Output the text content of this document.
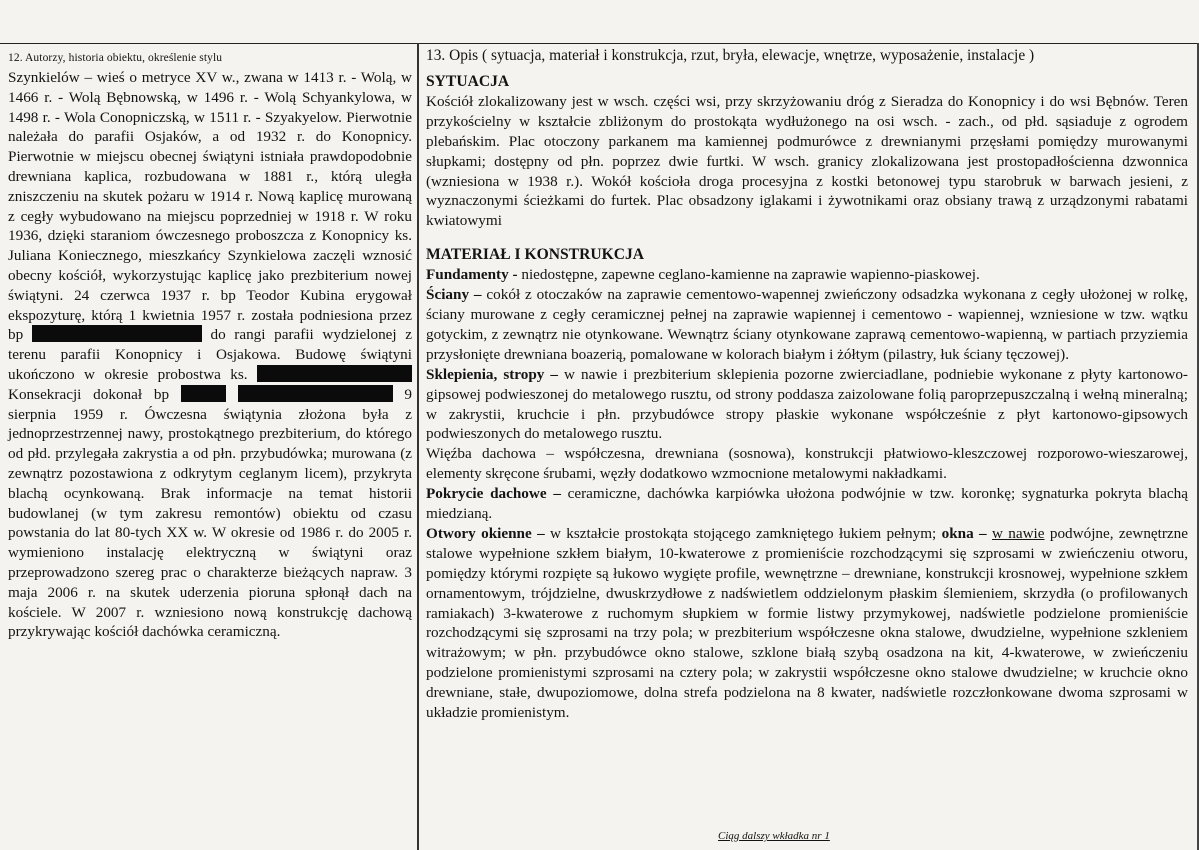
12. Autorzy, historia obiektu, określenie stylu

Szynkielów – wieś o metryce XV w., zwana w 1413 r. - Wolą, w 1466 r. - Wolą Bębnowską, w 1496 r. - Wolą Schyankylowa, w 1498 r. - Wola Conopniczską, w 1511 r. - Szyakyelow. Pierwotnie należała do parafii Osjaków, a od 1932 r. do Konopnicy. Pierwotnie w miejscu obecnej świątyni istniała prawdopodobnie drewniana kaplica, rozbudowana w 1881 r., którą uległa zniszczeniu na skutek pożaru w 1914 r. Nową kaplicę murowaną z cegły wybudowano na miejscu poprzedniej w 1918 r. W roku 1936, dzięki staraniom ówczesnego proboszcza z Konopnicy ks. Juliana Koniecznego, mieszkańcy Szynkielowa zaczęli wznosić obecny kościół, wykorzystując kaplicę jako prezbiterium nowej świątyni. 24 czerwca 1937 r. bp Teodor Kubina erygował ekspozyturę, którą 1 kwietnia 1957 r. została podniesiona przez bp	do rangi parafii wydzielonej z terenu parafii Konopnicy i Osjakowa. Budowę świątyni ukończono w okresie probostwa ks.  Konsekracji dokonał bp	9 sierpnia 1959 r. Ówczesna świątynia złożona była z jednoprzestrzennej nawy, prostokątnego prezbiterium, do którego od płd. przylegała zakrystia a od płn. przybudówka; murowana (z zewnątrz pozostawiona z odkrytym ceglanym licem), przykryta blachą ocynkowaną. Brak informacje na temat historii budowlanej (w tym zakresu remontów) obiektu od czasu powstania do lat 80-tych XX w. W okresie od 1986 r. do 2005 r. wymieniono instalację elektryczną w świątyni oraz przeprowadzono szereg prac o charakterze bieżących napraw. 3 maja 2006 r. na skutek uderzenia pioruna spłonął dach na kościele. W 2007 r. wzniesiono nową konstrukcję dachową przykrywając kościół dachówka ceramiczną.

13. Opis ( sytuacja, materiał i konstrukcja, rzut, bryła, elewacje, wnętrze, wyposażenie, instalacje )

SYTUACJA

Kościół zlokalizowany jest w wsch. części wsi, przy skrzyżowaniu dróg z Sieradza do Konopnicy i do wsi Bębnów. Teren przykościelny w kształcie zbliżonym do prostokąta wydłużonego na osi wsch. - zach., od płd. sąsiaduje z ogrodem plebańskim. Plac otoczony parkanem ma kamiennej podmurówce z drewnianymi przęsłami pomiędzy murowanymi słupkami; dostępny od płn. poprzez dwie furtki. W wsch. granicy zlokalizowana jest prostopadłościenna dzwonnica (wzniesiona w 1938 r.). Wokół kościoła droga procesyjna z kostki betonowej typu starobruk w barwach jesieni, z wyznaczonymi ścieżkami do furtek. Plac obsadzony iglakami i żywotnikami oraz obsiany trawą z urządzonymi rabatami kwiatowymi

MATERIAŁ I KONSTRUKCJA

Fundamenty - niedostępne, zapewne ceglano-kamienne na zaprawie wapienno-piaskowej.

Ściany – cokół z otoczaków na zaprawie cementowo-wapennej zwieńczony odsadzka wykonana z cegły ułożonej w rolkę, ściany murowane z cegły ceramicznej pełnej na zaprawie wapiennej i cementowo - wapiennej, wzniesione w tzw. wątku gotyckim, z zewnątrz nie otynkowane. Wewnątrz ściany otynkowane zaprawą cementowo-wapienną, w partiach przyziemia przysłonięte drewniana boazerią, pomalowane w kolorach białym i żółtym (pilastry, łuk ściany tęczowej).

Sklepienia, stropy – w nawie i prezbiterium sklepienia pozorne zwierciadlane, podniebie wykonane z płyty kartonowo-gipsowej podwieszonej do metalowego rusztu, od strony poddasza zaizolowane folią paroprzepuszczalną i wełną mineralną; w zakrystii, kruchcie i płn. przybudówce stropy płaskie wykonane współcześnie z płyt kartonowo-gipsowych podwieszonych do metalowego rusztu.

Więźba dachowa – współczesna, drewniana (sosnowa), konstrukcji płatwiowo-kleszczowej rozporowo-wieszarowej, elementy skręcone śrubami, węzły dodatkowo wzmocnione metalowymi nakładkami.

Pokrycie dachowe – ceramiczne, dachówka karpiówka ułożona podwójnie w tzw. koronkę; sygnaturka pokryta blachą miedzianą.

Otwory okienne – w kształcie prostokąta stojącego zamkniętego łukiem pełnym; okna – w nawie podwójne, zewnętrzne stalowe wypełnione szkłem białym, 10-kwaterowe z promieniście rozchodzącymi się szprosami w zwieńczeniu otworu, pomiędzy którymi rozpięte są łukowo wygięte profile, wewnętrzne – drewniane, konstrukcji krosnowej, wypełnione szkłem ornamentowym, trójdzielne, dwuskrzydłowe z nadświetlem oddzielonym płaskim ślemieniem, skrzydła (o profilowanych ramiakach) 3-kwaterowe z ruchomym słupkiem w formie listwy przymykowej, nadświetle podzielone promieniście rozchodzącymi się szprosami na trzy pola; w prezbiterium współczesne okna stalowe, dwudzielne, wypełnione szkleniem witrażowym; w płn. przybudówce okno stalowe, szklone białą szybą osadzona na kit, 4-kwaterowe, w zwieńczeniu podzielone promienistymi szprosami na cztery pola; w zakrystii współczesne okno stalowe dwudzielne; w kruchcie okno drewniane, stałe, dwupoziomowe, dolna strefa podzielona na 8 kwater, nadświetle rozczłonkowane dwoma szprosami w układzie promienistym.

Ciąg dalszy wkładka nr 1
